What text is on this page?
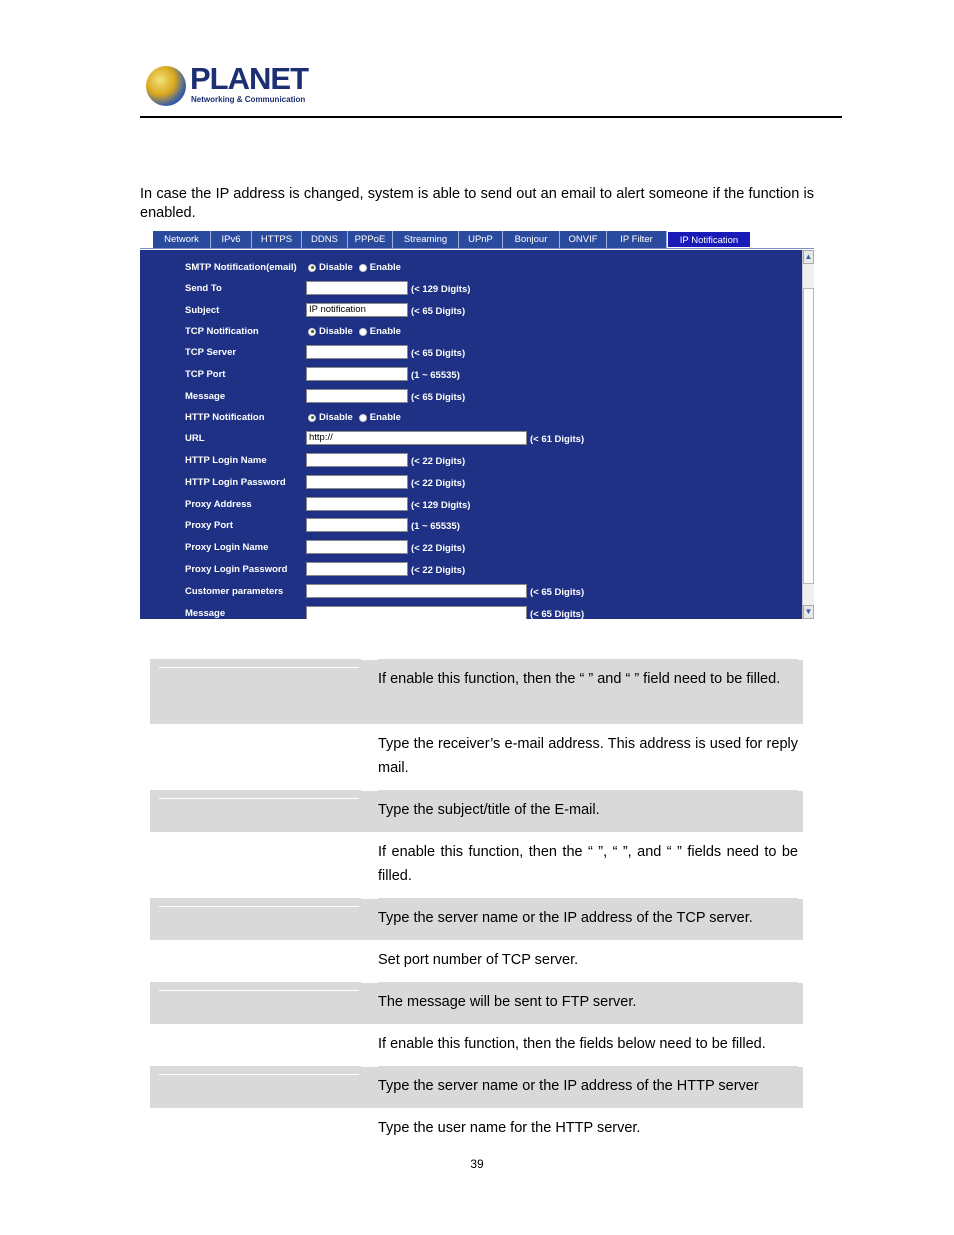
PLANET
Networking & Communication
In case the IP address is changed, system is able to send out an email to alert someone if the function is enabled.
Network	IPv6	HTTPS	DDNS	PPPoE	Streaming	UPnP	Bonjour	ONVIF	IP Filter	IP Notification
▲
▼
SMTP Notification(email) Disable Enable
Send To	(< 129 Digits)
Subject	IP notification	(< 65 Digits)
TCP Notification	Disable Enable
TCP Server	(< 65 Digits)
TCP Port	(1 ~ 65535)
Message	(< 65 Digits)
HTTP Notification	Disable Enable
URL	http://	(< 61 Digits)
HTTP Login Name	(< 22 Digits)
HTTP Login Password	(< 22 Digits)
Proxy Address	(< 129 Digits)
Proxy Port	(1 ~ 65535)
Proxy Login Name	(< 22 Digits)
Proxy Login Password	(< 22 Digits)
Customer parameters	(< 65 Digits)
Message	(< 65 Digits)
If enable this function, then the “ ” and “ ” field need to be filled.
Type the receiver’s e-mail address. This address is used for reply mail.
Type the subject/title of the E-mail.
If enable this function, then the “ ”, “ ”, and “ ” fields need to be filled.
Type the server name or the IP address of the TCP server.
Set port number of TCP server.
The message will be sent to FTP server.
If enable this function, then the fields below need to be filled.
Type the server name or the IP address of the HTTP server
Type the user name for the HTTP server.
39
